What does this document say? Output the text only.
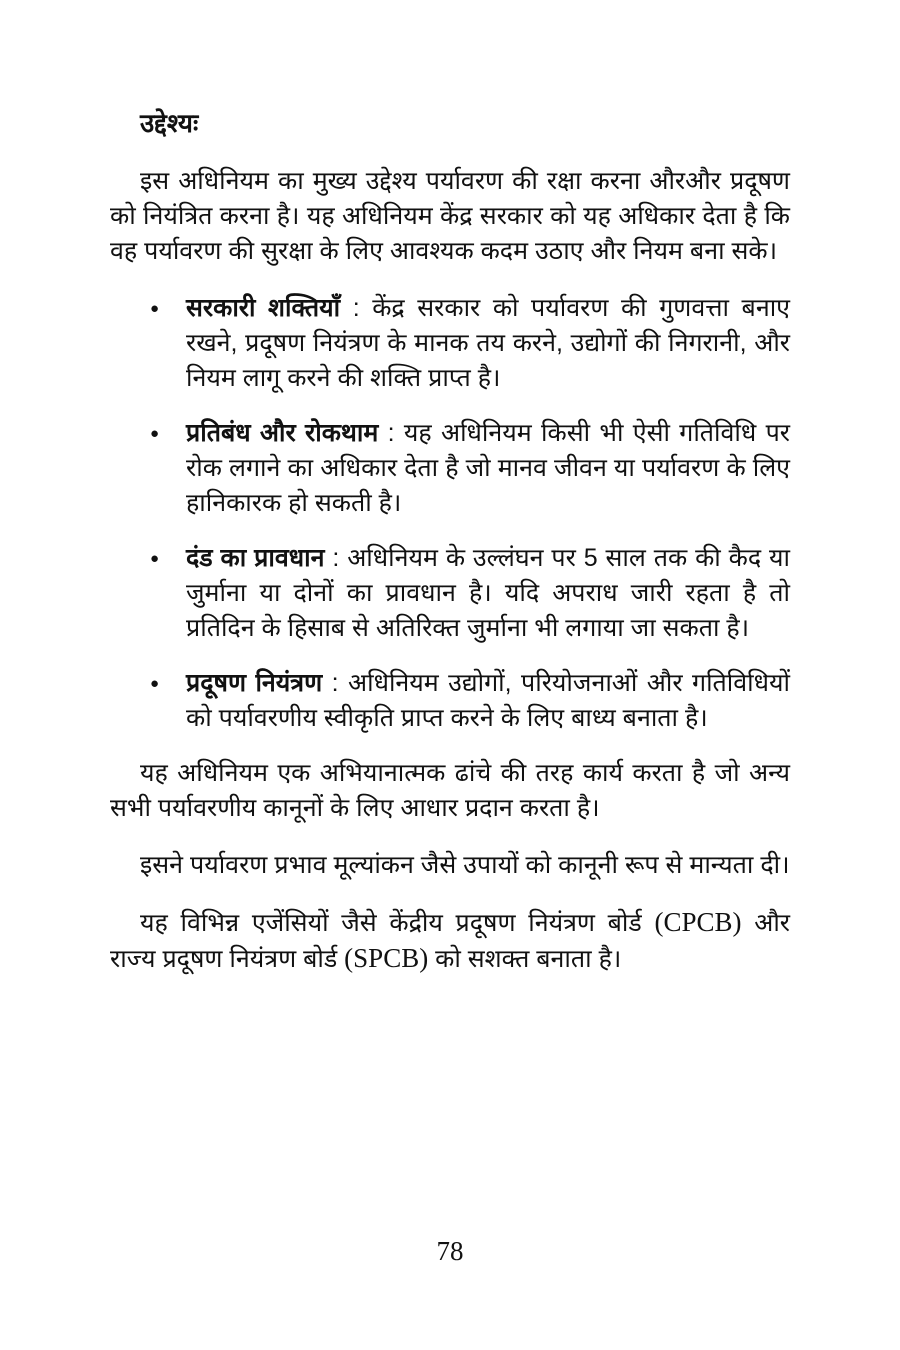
उद्देश्यः

इस अधिनियम का मुख्य उद्देश्य पर्यावरण की रक्षा करना औरऔर प्रदूषण को नियंत्रित करना है। यह अधिनियम केंद्र सरकार को यह अधिकार देता है कि वह पर्यावरण की सुरक्षा के लिए आवश्यक कदम उठाए और नियम बना सके।

● सरकारी शक्तियाँ : केंद्र सरकार को पर्यावरण की गुणवत्ता बनाए रखने, प्रदूषण नियंत्रण के मानक तय करने, उद्योगों की निगरानी, और नियम लागू करने की शक्ति प्राप्त है।
● प्रतिबंध और रोकथाम : यह अधिनियम किसी भी ऐसी गतिविधि पर रोक लगाने का अधिकार देता है जो मानव जीवन या पर्यावरण के लिए हानिकारक हो सकती है।
● दंड का प्रावधान : अधिनियम के उल्लंघन पर 5 साल तक की कैद या जुर्माना या दोनों का प्रावधान है। यदि अपराध जारी रहता है तो प्रतिदिन के हिसाब से अतिरिक्त जुर्माना भी लगाया जा सकता है।
● प्रदूषण नियंत्रण : अधिनियम उद्योगों, परियोजनाओं और गतिविधियों को पर्यावरणीय स्वीकृति प्राप्त करने के लिए बाध्य बनाता है।

यह अधिनियम एक अभियानात्मक ढांचे की तरह कार्य करता है जो अन्य सभी पर्यावरणीय कानूनों के लिए आधार प्रदान करता है।

इसने पर्यावरण प्रभाव मूल्यांकन जैसे उपायों को कानूनी रूप से मान्यता दी।

यह विभिन्न एजेंसियों जैसे केंद्रीय प्रदूषण नियंत्रण बोर्ड (CPCB) और राज्य प्रदूषण नियंत्रण बोर्ड (SPCB) को सशक्त बनाता है।

78
